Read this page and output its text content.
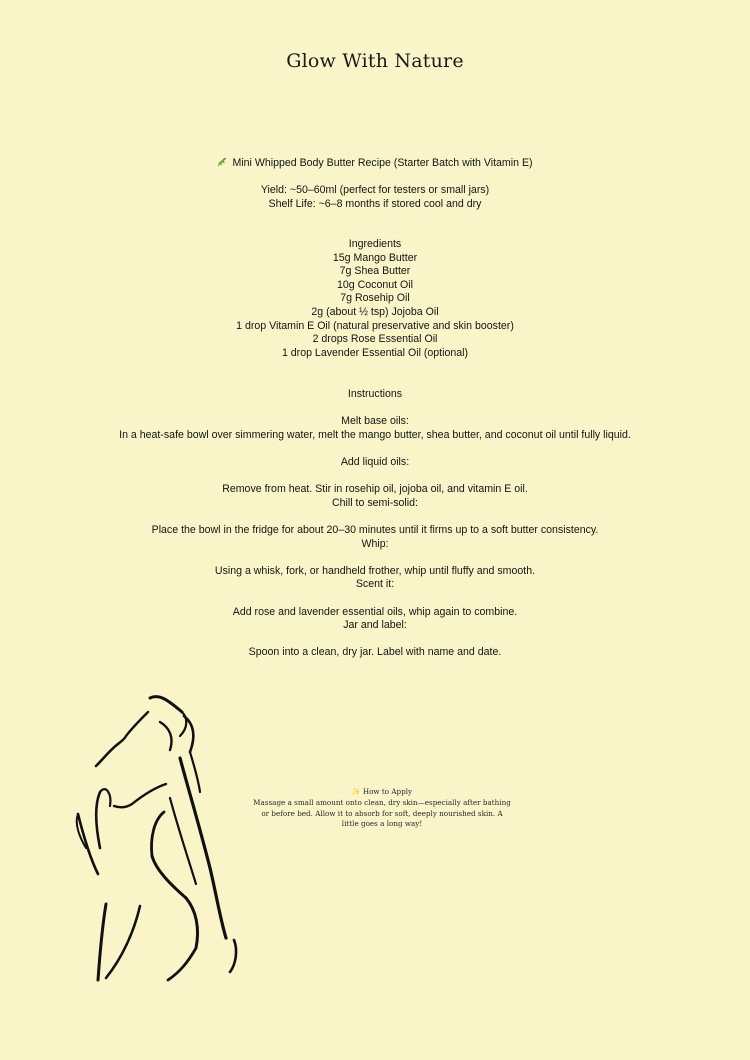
Glow With Nature
Mini Whipped Body Butter Recipe (Starter Batch with Vitamin E)
Yield: ~50–60ml (perfect for testers or small jars)
Shelf Life: ~6–8 months if stored cool and dry
Ingredients
15g Mango Butter
7g Shea Butter
10g Coconut Oil
7g Rosehip Oil
2g (about ½ tsp) Jojoba Oil
1 drop Vitamin E Oil (natural preservative and skin booster)
2 drops Rose Essential Oil
1 drop Lavender Essential Oil (optional)
Instructions
Melt base oils:
In a heat-safe bowl over simmering water, melt the mango butter, shea butter, and coconut oil until fully liquid.
Add liquid oils:
Remove from heat. Stir in rosehip oil, jojoba oil, and vitamin E oil.
Chill to semi-solid:
Place the bowl in the fridge for about 20–30 minutes until it firms up to a soft butter consistency.
Whip:
Using a whisk, fork, or handheld frother, whip until fluffy and smooth.
Scent it:
Add rose and lavender essential oils, whip again to combine.
Jar and label:
Spoon into a clean, dry jar. Label with name and date.
✨ How to Apply
Massage a small amount onto clean, dry skin—especially after bathing or before bed. Allow it to absorb for soft, deeply nourished skin. A little goes a long way!
